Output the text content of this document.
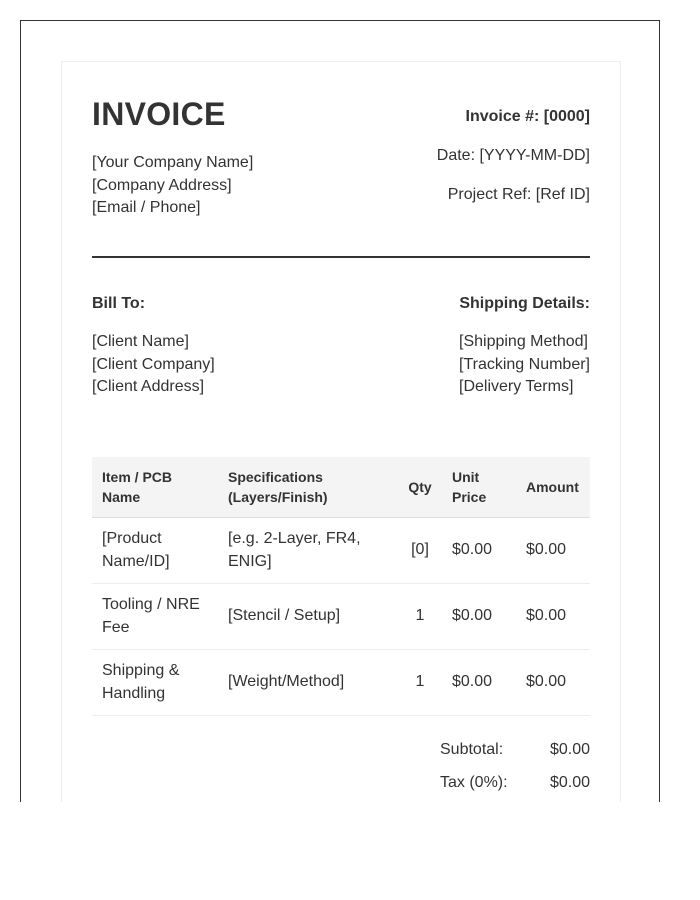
INVOICE
[Your Company Name]
[Company Address]
[Email / Phone]
Invoice #: [0000]
Date: [YYYY-MM-DD]
Project Ref: [Ref ID]
Bill To:
[Client Name]
[Client Company]
[Client Address]
Shipping Details:
[Shipping Method]
[Tracking Number]
[Delivery Terms]
Item / PCB Name	Specifications (Layers/Finish)	Qty	Unit Price	Amount
[Product Name/ID]	[e.g. 2-Layer, FR4, ENIG]	[0]	$0.00	$0.00
Tooling / NRE Fee	[Stencil / Setup]	1	$0.00	$0.00
Shipping & Handling	[Weight/Method]	1	$0.00	$0.00
Subtotal:	$0.00
Tax (0%):	$0.00
